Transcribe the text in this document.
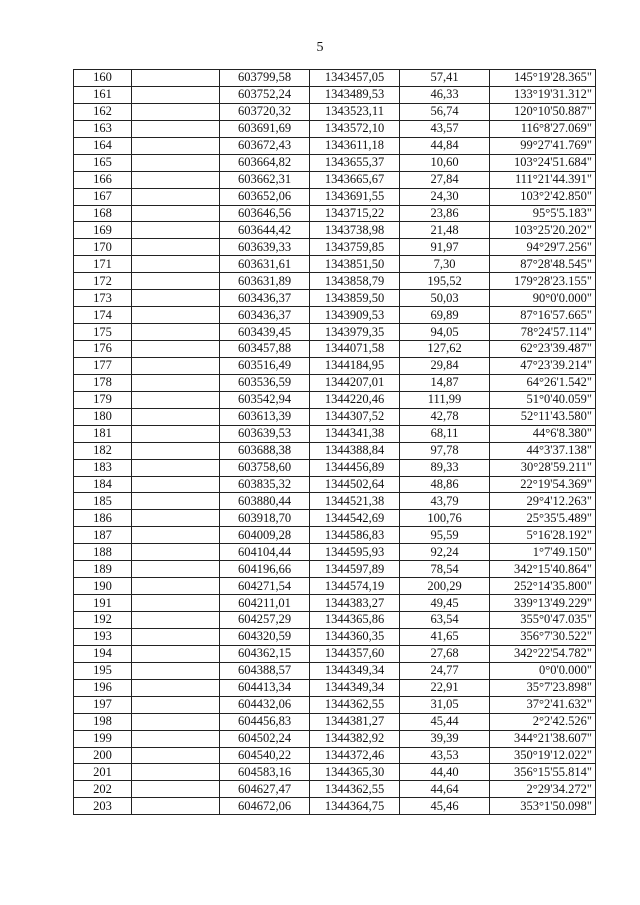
5
160		603799,58	1343457,05	57,41	145°19'28.365"
161		603752,24	1343489,53	46,33	133°19'31.312"
162		603720,32	1343523,11	56,74	120°10'50.887"
163		603691,69	1343572,10	43,57	116°8'27.069"
164		603672,43	1343611,18	44,84	99°27'41.769"
165		603664,82	1343655,37	10,60	103°24'51.684"
166		603662,31	1343665,67	27,84	111°21'44.391"
167		603652,06	1343691,55	24,30	103°2'42.850"
168		603646,56	1343715,22	23,86	95°5'5.183"
169		603644,42	1343738,98	21,48	103°25'20.202"
170		603639,33	1343759,85	91,97	94°29'7.256"
171		603631,61	1343851,50	7,30	87°28'48.545"
172		603631,89	1343858,79	195,52	179°28'23.155"
173		603436,37	1343859,50	50,03	90°0'0.000"
174		603436,37	1343909,53	69,89	87°16'57.665"
175		603439,45	1343979,35	94,05	78°24'57.114"
176		603457,88	1344071,58	127,62	62°23'39.487"
177		603516,49	1344184,95	29,84	47°23'39.214"
178		603536,59	1344207,01	14,87	64°26'1.542"
179		603542,94	1344220,46	111,99	51°0'40.059"
180		603613,39	1344307,52	42,78	52°11'43.580"
181		603639,53	1344341,38	68,11	44°6'8.380"
182		603688,38	1344388,84	97,78	44°3'37.138"
183		603758,60	1344456,89	89,33	30°28'59.211"
184		603835,32	1344502,64	48,86	22°19'54.369"
185		603880,44	1344521,38	43,79	29°4'12.263"
186		603918,70	1344542,69	100,76	25°35'5.489"
187		604009,28	1344586,83	95,59	5°16'28.192"
188		604104,44	1344595,93	92,24	1°7'49.150"
189		604196,66	1344597,89	78,54	342°15'40.864"
190		604271,54	1344574,19	200,29	252°14'35.800"
191		604211,01	1344383,27	49,45	339°13'49.229"
192		604257,29	1344365,86	63,54	355°0'47.035"
193		604320,59	1344360,35	41,65	356°7'30.522"
194		604362,15	1344357,60	27,68	342°22'54.782"
195		604388,57	1344349,34	24,77	0°0'0.000"
196		604413,34	1344349,34	22,91	35°7'23.898"
197		604432,06	1344362,55	31,05	37°2'41.632"
198		604456,83	1344381,27	45,44	2°2'42.526"
199		604502,24	1344382,92	39,39	344°21'38.607"
200		604540,22	1344372,46	43,53	350°19'12.022"
201		604583,16	1344365,30	44,40	356°15'55.814"
202		604627,47	1344362,55	44,64	2°29'34.272"
203		604672,06	1344364,75	45,46	353°1'50.098"
